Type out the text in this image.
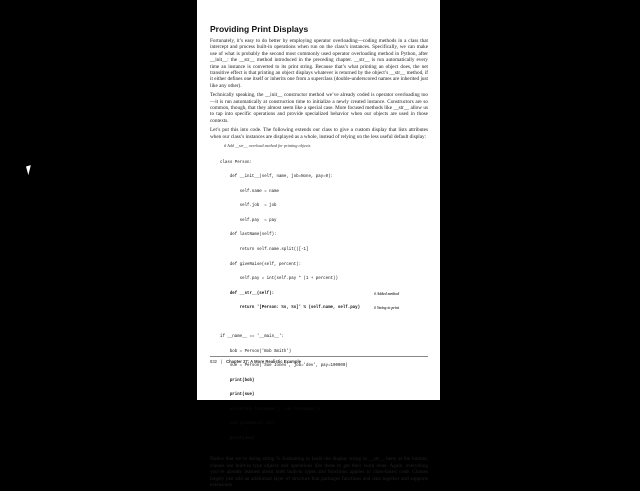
Providing Print Displays

Fortunately, it’s easy to do better by employing operator overloading—coding methods in a class that intercept and process built-in operations when run on the class’s instances. Specifically, we can make use of what is probably the second most commonly used operator overloading method in Python, after __init__: the __str__ method introduced in the preceding chapter. __str__ is run automatically every time an instance is converted to its print string. Because that’s what printing an object does, the net transitive effect is that printing an object displays whatever is returned by the object’s __str__ method, if it either defines one itself or inherits one from a superclass (double-underscored names are inherited just like any other).

Technically speaking, the __init__ constructor method we’ve already coded is operator overloading too—it is run automatically at construction time to initialize a newly created instance. Constructors are so common, though, that they almost seem like a special case. More focused methods like __str__ allow us to tap into specific operations and provide specialized behavior when our objects are used in those contexts.

Let’s put this into code. The following extends our class to give a custom display that lists attributes when our class’s instances are displayed as a whole, instead of relying on the less useful default display:

# Add __str__ overload method for printing objects

class Person:

def __init__(self, name, job=None, pay=0):

self.name = name

self.job  = job

self.pay  = pay

def lastName(self):

return self.name.split()[-1]

def giveRaise(self, percent):

self.pay = int(self.pay * (1 + percent))

def __str__(self):	# Added method

return '[Person: %s, %s]' % (self.name, self.pay)	# String to print

if __name__ == '__main__':

bob = Person('Bob Smith')

sue = Person('Sue Jones', job='dev', pay=100000)

print(bob)

print(sue)

print(bob.lastName(), sue.lastName())

sue.giveRaise(.10)

print(sue)

Notice that we’re doing string % formatting to build the display string in __str__ here; at the bottom, classes use built-in type objects and operations like these to get their work done. Again, everything you’ve already learned about both built-in types and functions applies to class-based code. Classes largely just add an additional layer of structure that packages functions and data together and supports extensions.

832 | Chapter 27: A More Realistic Example
